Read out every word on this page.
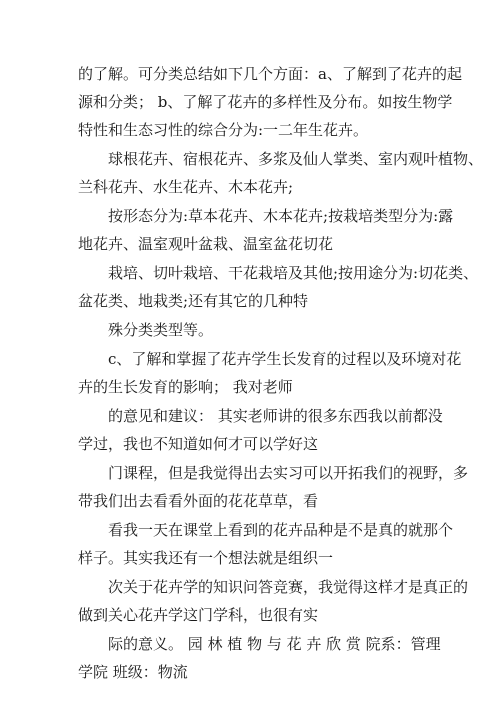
的了解。可分类总结如下几个方面：a、了解到了花卉的起
源和分类； b、了解了花卉的多样性及分布。如按生物学
特性和生态习性的综合分为:一二年生花卉。
球根花卉、宿根花卉、多浆及仙人掌类、室内观叶植物、
兰科花卉、水生花卉、木本花卉;
按形态分为:草本花卉、木本花卉;按栽培类型分为:露
地花卉、温室观叶盆栽、温室盆花切花
栽培、切叶栽培、干花栽培及其他;按用途分为:切花类、
盆花类、地栽类;还有其它的几种特
殊分类类型等。
c、了解和掌握了花卉学生长发育的过程以及环境对花
卉的生长发育的影响； 我对老师
的意见和建议： 其实老师讲的很多东西我以前都没
学过，我也不知道如何才可以学好这
门课程，但是我觉得出去实习可以开拓我们的视野，多
带我们出去看看外面的花花草草，看
看我一天在课堂上看到的花卉品种是不是真的就那个
样子。其实我还有一个想法就是组织一
次关于花卉学的知识问答竞赛，我觉得这样才是真正的
做到关心花卉学这门学科，也很有实
际的意义。 园 林 植 物 与 花 卉 欣 赏 院系：管理
学院 班级：物流
